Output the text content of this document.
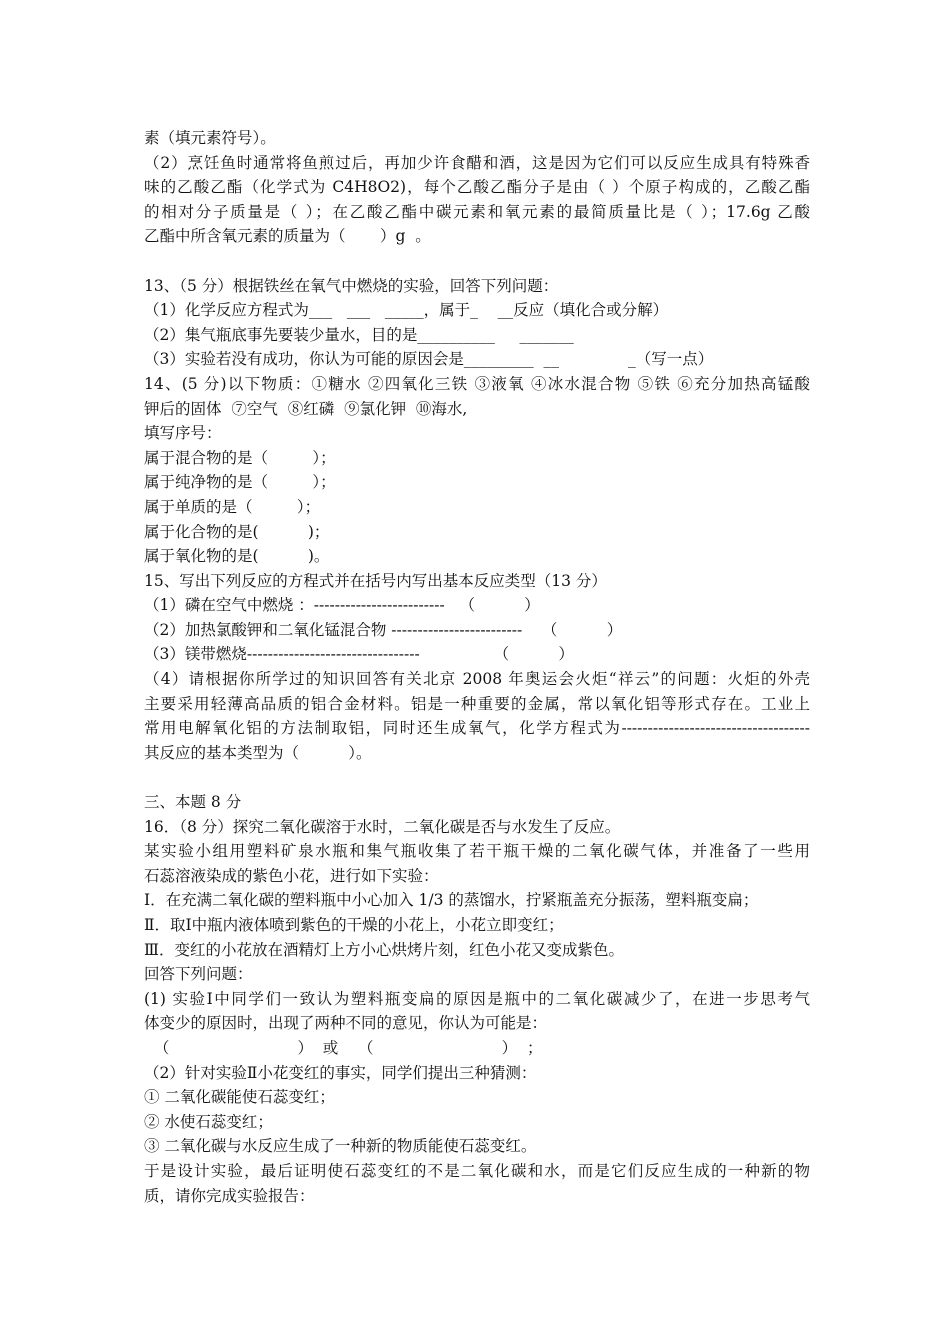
素（填元素符号）。
（2）烹饪鱼时通常将鱼煎过后，再加少许食醋和酒，这是因为它们可以反应生成具有特殊香
味的乙酸乙酯（化学式为 C4H8O2)，每个乙酸乙酯分子是由（ ）个原子构成的，乙酸乙酯
的相对分子质量是（ ）；在乙酸乙酯中碳元素和氧元素的最简质量比是（ ）；17.6g 乙酸
乙酯中所含氧元素的质量为（       ）g  。
13、（5 分）根据铁丝在氧气中燃烧的实验，回答下列问题：
（1）化学反应方程式为___   ___   _____，属于_    __反应（填化合或分解）
（2）集气瓶底事先要装少量水，目的是__________     _______
（3）实验若没有成功，你认为可能的原因会是_________  __              _（写一点）
14、(5 分)以下物质：①糖水 ②四氧化三铁 ③液氧 ④冰水混合物 ⑤铁 ⑥充分加热高锰酸
钾后的固体  ⑦空气  ⑧红磷  ⑨氯化钾  ⑩海水,
填写序号：
属于混合物的是（         ）；
属于纯净物的是（         ）；
属于单质的是（         ）；
属于化合物的是(          )；
属于氧化物的是(          )。
15、写出下列反应的方程式并在括号内写出基本反应类型（13 分）
（1）磷在空气中燃烧 ：-------------------------   （          ）
（2）加热氯酸钾和二氧化锰混合物 -------------------------    （          ）
（3）镁带燃烧---------------------------------               （          ）
（4）请根据你所学过的知识回答有关北京 2008 年奥运会火炬“祥云”的问题：火炬的外壳
主要采用轻薄高品质的铝合金材料。铝是一种重要的金属，常以氧化铝等形式存在。工业上
常用电解氧化铝的方法制取铝，同时还生成氧气，化学方程式为------------------------------------
其反应的基本类型为（          ）。
三、本题 8 分
16．（8 分）探究二氧化碳溶于水时，二氧化碳是否与水发生了反应。
某实验小组用塑料矿泉水瓶和集气瓶收集了若干瓶干燥的二氧化碳气体，并准备了一些用
石蕊溶液染成的紫色小花，进行如下实验：
Ⅰ．在充满二氧化碳的塑料瓶中小心加入 1/3 的蒸馏水，拧紧瓶盖充分振荡，塑料瓶变扁；
Ⅱ．取Ⅰ中瓶内液体喷到紫色的干燥的小花上，小花立即变红；
Ⅲ．变红的小花放在酒精灯上方小心烘烤片刻，红色小花又变成紫色。
回答下列问题：
(1) 实验Ⅰ中同学们一致认为塑料瓶变扁的原因是瓶中的二氧化碳减少了，在进一步思考气
体变少的原因时，出现了两种不同的意见，你认为可能是：
（                          ）  或    （                          ）  ；
（2）针对实验Ⅱ小花变红的事实，同学们提出三种猜测：
① 二氧化碳能使石蕊变红；
② 水使石蕊变红；
③ 二氧化碳与水反应生成了一种新的物质能使石蕊变红。
于是设计实验，最后证明使石蕊变红的不是二氧化碳和水，而是它们反应生成的一种新的物
质，请你完成实验报告：
